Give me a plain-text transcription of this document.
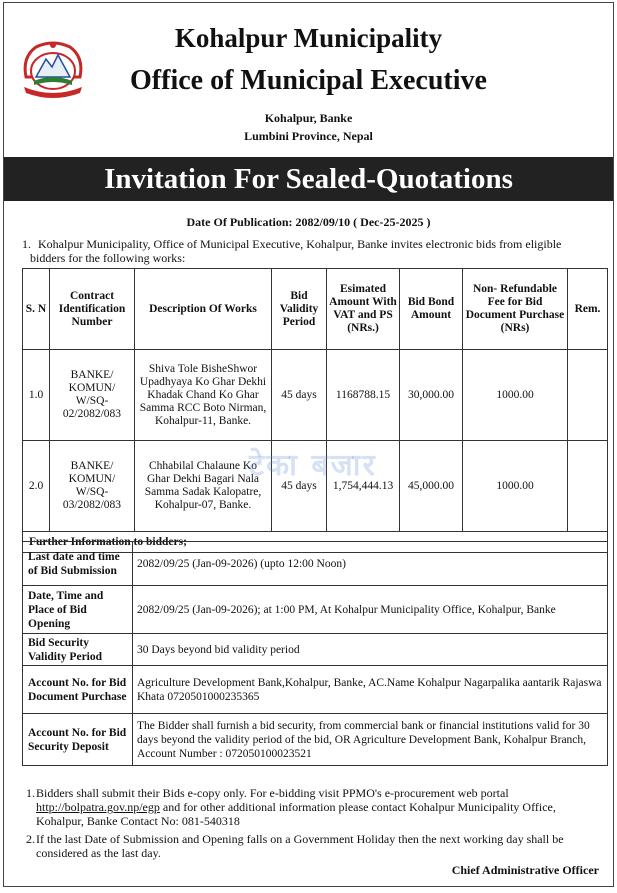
Kohalpur Municipality
Office of Municipal Executive
Kohalpur, Banke
Lumbini Province, Nepal
Invitation For Sealed-Quotations
Date Of Publication: 2082/09/10 ( Dec-25-2025 )
1. Kohalpur Municipality, Office of Municipal Executive, Kohalpur, Banke invites electronic bids from eligible bidders for the following works:
S. N	Contract Identification Number	Description Of Works	Bid Validity Period	Esimated Amount With VAT and PS (NRs.)	Bid Bond Amount	Non- Refundable Fee for Bid Document Purchase (NRs)	Rem.
1.0	BANKE/ KOMUN/ W/SQ- 02/2082/083	Shiva Tole BisheShwor Upadhyaya Ko Ghar Dekhi Khadak Chand Ko Ghar Samma RCC Boto Nirman, Kohalpur-11, Banke.	45 days	1168788.15	30,000.00	1000.00	
2.0	BANKE/ KOMUN/ W/SQ- 03/2082/083	Chhabilal Chalaune Ko Ghar Dekhi Bagari Nala Samma Sadak Kalopatre, Kohalpur-07, Banke.	45 days	1,754,444.13	45,000.00	1000.00	
Further Information to bidders;							
Last date and time of Bid Submission	2082/09/25 (Jan-09-2026) (upto 12:00 Noon)
Date, Time and Place of Bid Opening	2082/09/25 (Jan-09-2026); at 1:00 PM, At Kohalpur Municipality Office, Kohalpur, Banke
Bid Security Validity Period	30 Days beyond bid validity period
Account No. for Bid Document Purchase	Agriculture Development Bank,Kohalpur, Banke, AC.Name Kohalpur Nagarpalika aantarik Rajaswa Khata 0720501000235365
Account No. for Bid Security Deposit	The Bidder shall furnish a bid security, from commercial bank or financial institutions valid for 30 days beyond the validity period of the bid, OR Agriculture Development Bank, Kohalpur Branch, Account Number : 072050100023521

1. Bidders shall submit their Bids e-copy only. For e-bidding visit PPMO's e-procurement web portal http://bolpatra.gov.np/egp and for other additional information please contact Kohalpur Municipality Office, Kohalpur, Banke Contact No: 081-540318

2. If the last Date of Submission and Opening falls on a Government Holiday then the next working day shall be considered as the last day.

Chief Administrative Officer
टेका बजार
